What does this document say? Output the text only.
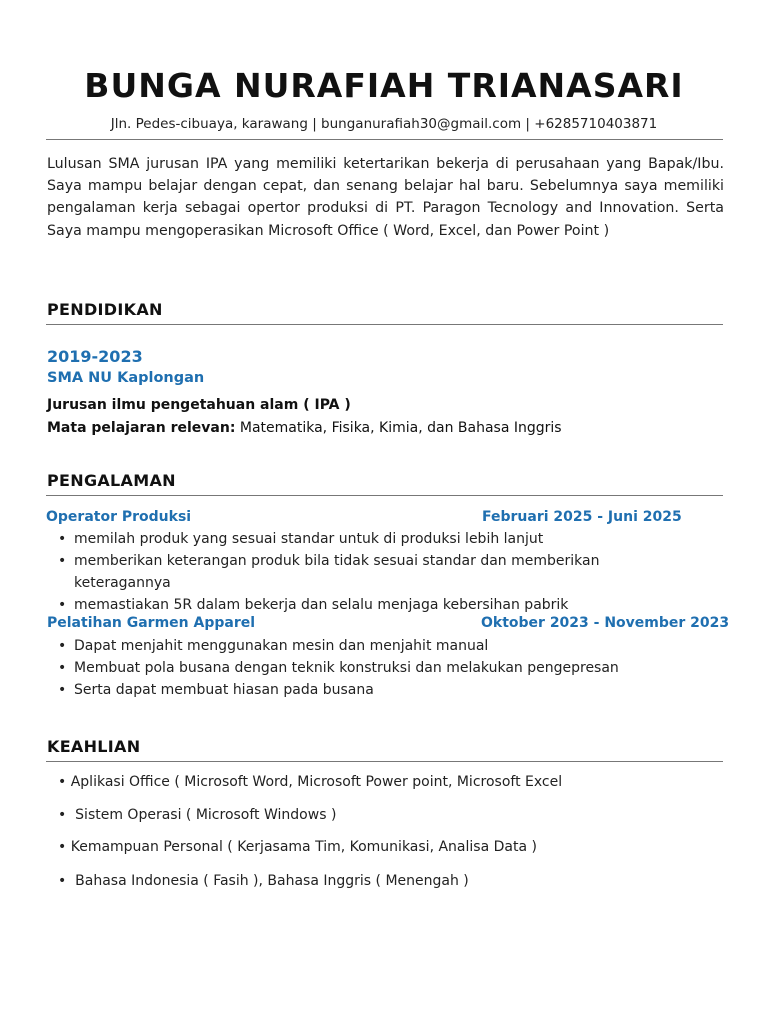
BUNGA NURAFIAH TRIANASARI
Jln. Pedes-cibuaya, karawang | bunganurafiah30@gmail.com | +6285710403871
Lulusan SMA jurusan IPA yang memiliki ketertarikan bekerja di perusahaan yang Bapak/Ibu. Saya mampu belajar dengan cepat, dan senang belajar hal baru. Sebelumnya saya memiliki pengalaman kerja sebagai opertor produksi di PT. Paragon Tecnology and Innovation. Serta Saya mampu mengoperasikan Microsoft Office ( Word, Excel, dan Power Point )
PENDIDIKAN
2019-2023
SMA NU Kaplongan
Jurusan ilmu pengetahuan alam ( IPA )
Mata pelajaran relevan: Matematika, Fisika, Kimia, dan Bahasa Inggris
PENGALAMAN
Operator Produksi	Februari 2025 - Juni 2025
• memilah produk yang sesuai standar untuk di produksi lebih lanjut
• memberikan keterangan produk bila tidak sesuai standar dan memberikan keteragannya
• memastiakan 5R dalam bekerja dan selalu menjaga kebersihan pabrik
Pelatihan Garmen Apparel	Oktober 2023 - November 2023
• Dapat menjahit menggunakan mesin dan menjahit manual
• Membuat pola busana dengan teknik konstruksi dan melakukan pengepresan
• Serta dapat membuat hiasan pada busana
KEAHLIAN
• Aplikasi Office ( Microsoft Word, Microsoft Power point, Microsoft Excel
•  Sistem Operasi ( Microsoft Windows )
• Kemampuan Personal ( Kerjasama Tim, Komunikasi, Analisa Data )
•  Bahasa Indonesia ( Fasih ), Bahasa Inggris ( Menengah )
